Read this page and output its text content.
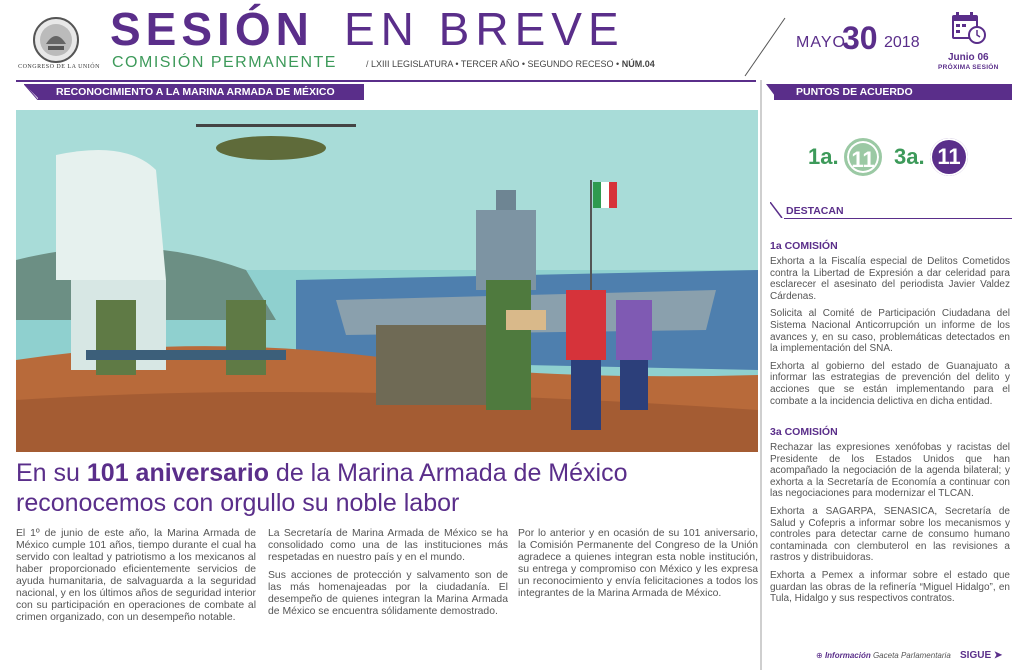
CONGRESO DE LA UNIÓN
SESIÓN EN BREVE
COMISIÓN PERMANENTE	/ LXIII LEGISLATURA • TERCER AÑO • SEGUNDO RECESO • NÚM.04
MAYO
30 2018
Junio 06
PRÓXIMA SESIÓN
RECONOCIMIENTO A LA MARINA ARMADA DE MÉXICO
En su 101 aniversario de la Marina Armada de México
reconocemos con orgullo su noble labor

El 1º de junio de este año, la Marina Armada de México cumple 101 años, tiempo durante el cual ha servido con lealtad y patriotismo a los mexicanos al haber proporcionado eficientemente servicios de ayuda humanitaria, de salvaguarda a la seguridad nacional, y en los últimos años de seguridad interior con su participación en operaciones de combate al crimen organizado, con un desempeño notable.

La Secretaría de Marina Armada de México se ha consolidado como una de las instituciones más respetadas en nuestro país y en el mundo.

Sus acciones de protección y salvamento son de las más homenajeadas por la ciudadanía. El desempeño de quienes integran la Marina Armada de México se encuentra sólidamente demostrado.

Por lo anterior y en ocasión de su 101 aniversario, la Comisión Permanente del Congreso de la Unión agradece a quienes integran esta noble institución, su entrega y compromiso con México y les expresa un reconocimiento y envía felicitaciones a todos los integrantes de la Marina Armada de México.

PUNTOS DE ACUERDO
1a. 11 3a. 11
DESTACAN
1a COMISIÓN

Exhorta a la Fiscalía especial de Delitos Cometidos contra la Libertad de Expresión a dar celeridad para esclarecer el asesinato del periodista Javier Valdez Cárdenas.

Solicita al Comité de Participación Ciudadana del Sistema Nacional Anticorrupción un informe de los avances y, en su caso, problemáticas detectados en la implementación del SNA.

Exhorta al gobierno del estado de Guanajuato a informar las estrategias de prevención del delito y acciones que se están implementando para el combate a la incidencia delictiva en dicha entidad.

3a COMISIÓN

Rechazar las expresiones xenófobas y racistas del Presidente de los Estados Unidos que han acompañado la negociación de la agenda bilateral; y exhorta a la Secretaría de Economía a continuar con las negociaciones para modernizar el TLCAN.

Exhorta a SAGARPA, SENASICA, Secretaría de Salud y Cofepris a informar sobre los mecanismos y controles para detectar carne de consumo humano contaminada con clembuterol en las revisiones a rastros y distribuidoras.

Exhorta a Pemex a informar sobre el estado que guardan las obras de la refinería “Miguel Hidalgo”, en Tula, Hidalgo y sus respectivos contratos.

⊕ Información Gaceta Parlamentaria SIGUE ➤
